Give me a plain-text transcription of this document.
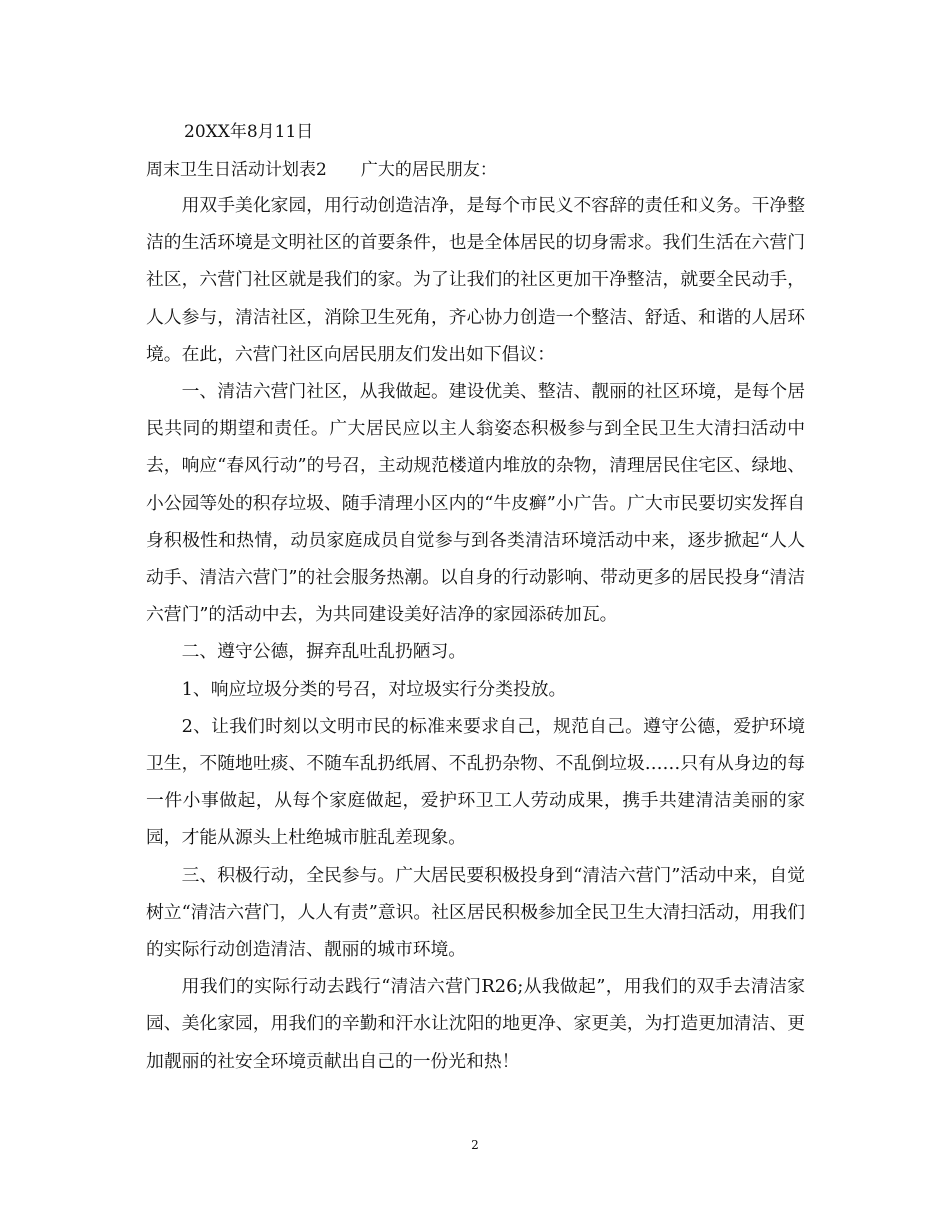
20XX年8月11日
周末卫生日活动计划表2 广大的居民朋友：

用双手美化家园，用行动创造洁净，是每个市民义不容辞的责任和义务。干净整洁的生活环境是文明社区的首要条件，也是全体居民的切身需求。我们生活在六营门社区，六营门社区就是我们的家。为了让我们的社区更加干净整洁，就要全民动手，人人参与，清洁社区，消除卫生死角，齐心协力创造一个整洁、舒适、和谐的人居环境。在此，六营门社区向居民朋友们发出如下倡议：

一、清洁六营门社区，从我做起。建设优美、整洁、靓丽的社区环境，是每个居民共同的期望和责任。广大居民应以主人翁姿态积极参与到全民卫生大清扫活动中去，响应“春风行动”的号召，主动规范楼道内堆放的杂物，清理居民住宅区、绿地、小公园等处的积存垃圾、随手清理小区内的“牛皮癣”小广告。广大市民要切实发挥自身积极性和热情，动员家庭成员自觉参与到各类清洁环境活动中来，逐步掀起“人人动手、清洁六营门”的社会服务热潮。以自身的行动影响、带动更多的居民投身“清洁六营门”的活动中去，为共同建设美好洁净的家园添砖加瓦。

二、遵守公德，摒弃乱吐乱扔陋习。

1、响应垃圾分类的号召，对垃圾实行分类投放。

2、让我们时刻以文明市民的标准来要求自己，规范自己。遵守公德，爱护环境卫生，不随地吐痰、不随车乱扔纸屑、不乱扔杂物、不乱倒垃圾……只有从身边的每一件小事做起，从每个家庭做起，爱护环卫工人劳动成果，携手共建清洁美丽的家园，才能从源头上杜绝城市脏乱差现象。

三、积极行动，全民参与。广大居民要积极投身到“清洁六营门”活动中来，自觉树立“清洁六营门，人人有责”意识。社区居民积极参加全民卫生大清扫活动，用我们的实际行动创造清洁、靓丽的城市环境。

用我们的实际行动去践行“清洁六营门R26;从我做起”，用我们的双手去清洁家园、美化家园，用我们的辛勤和汗水让沈阳的地更净、家更美，为打造更加清洁、更加靓丽的社安全环境贡献出自己的一份光和热！

2
